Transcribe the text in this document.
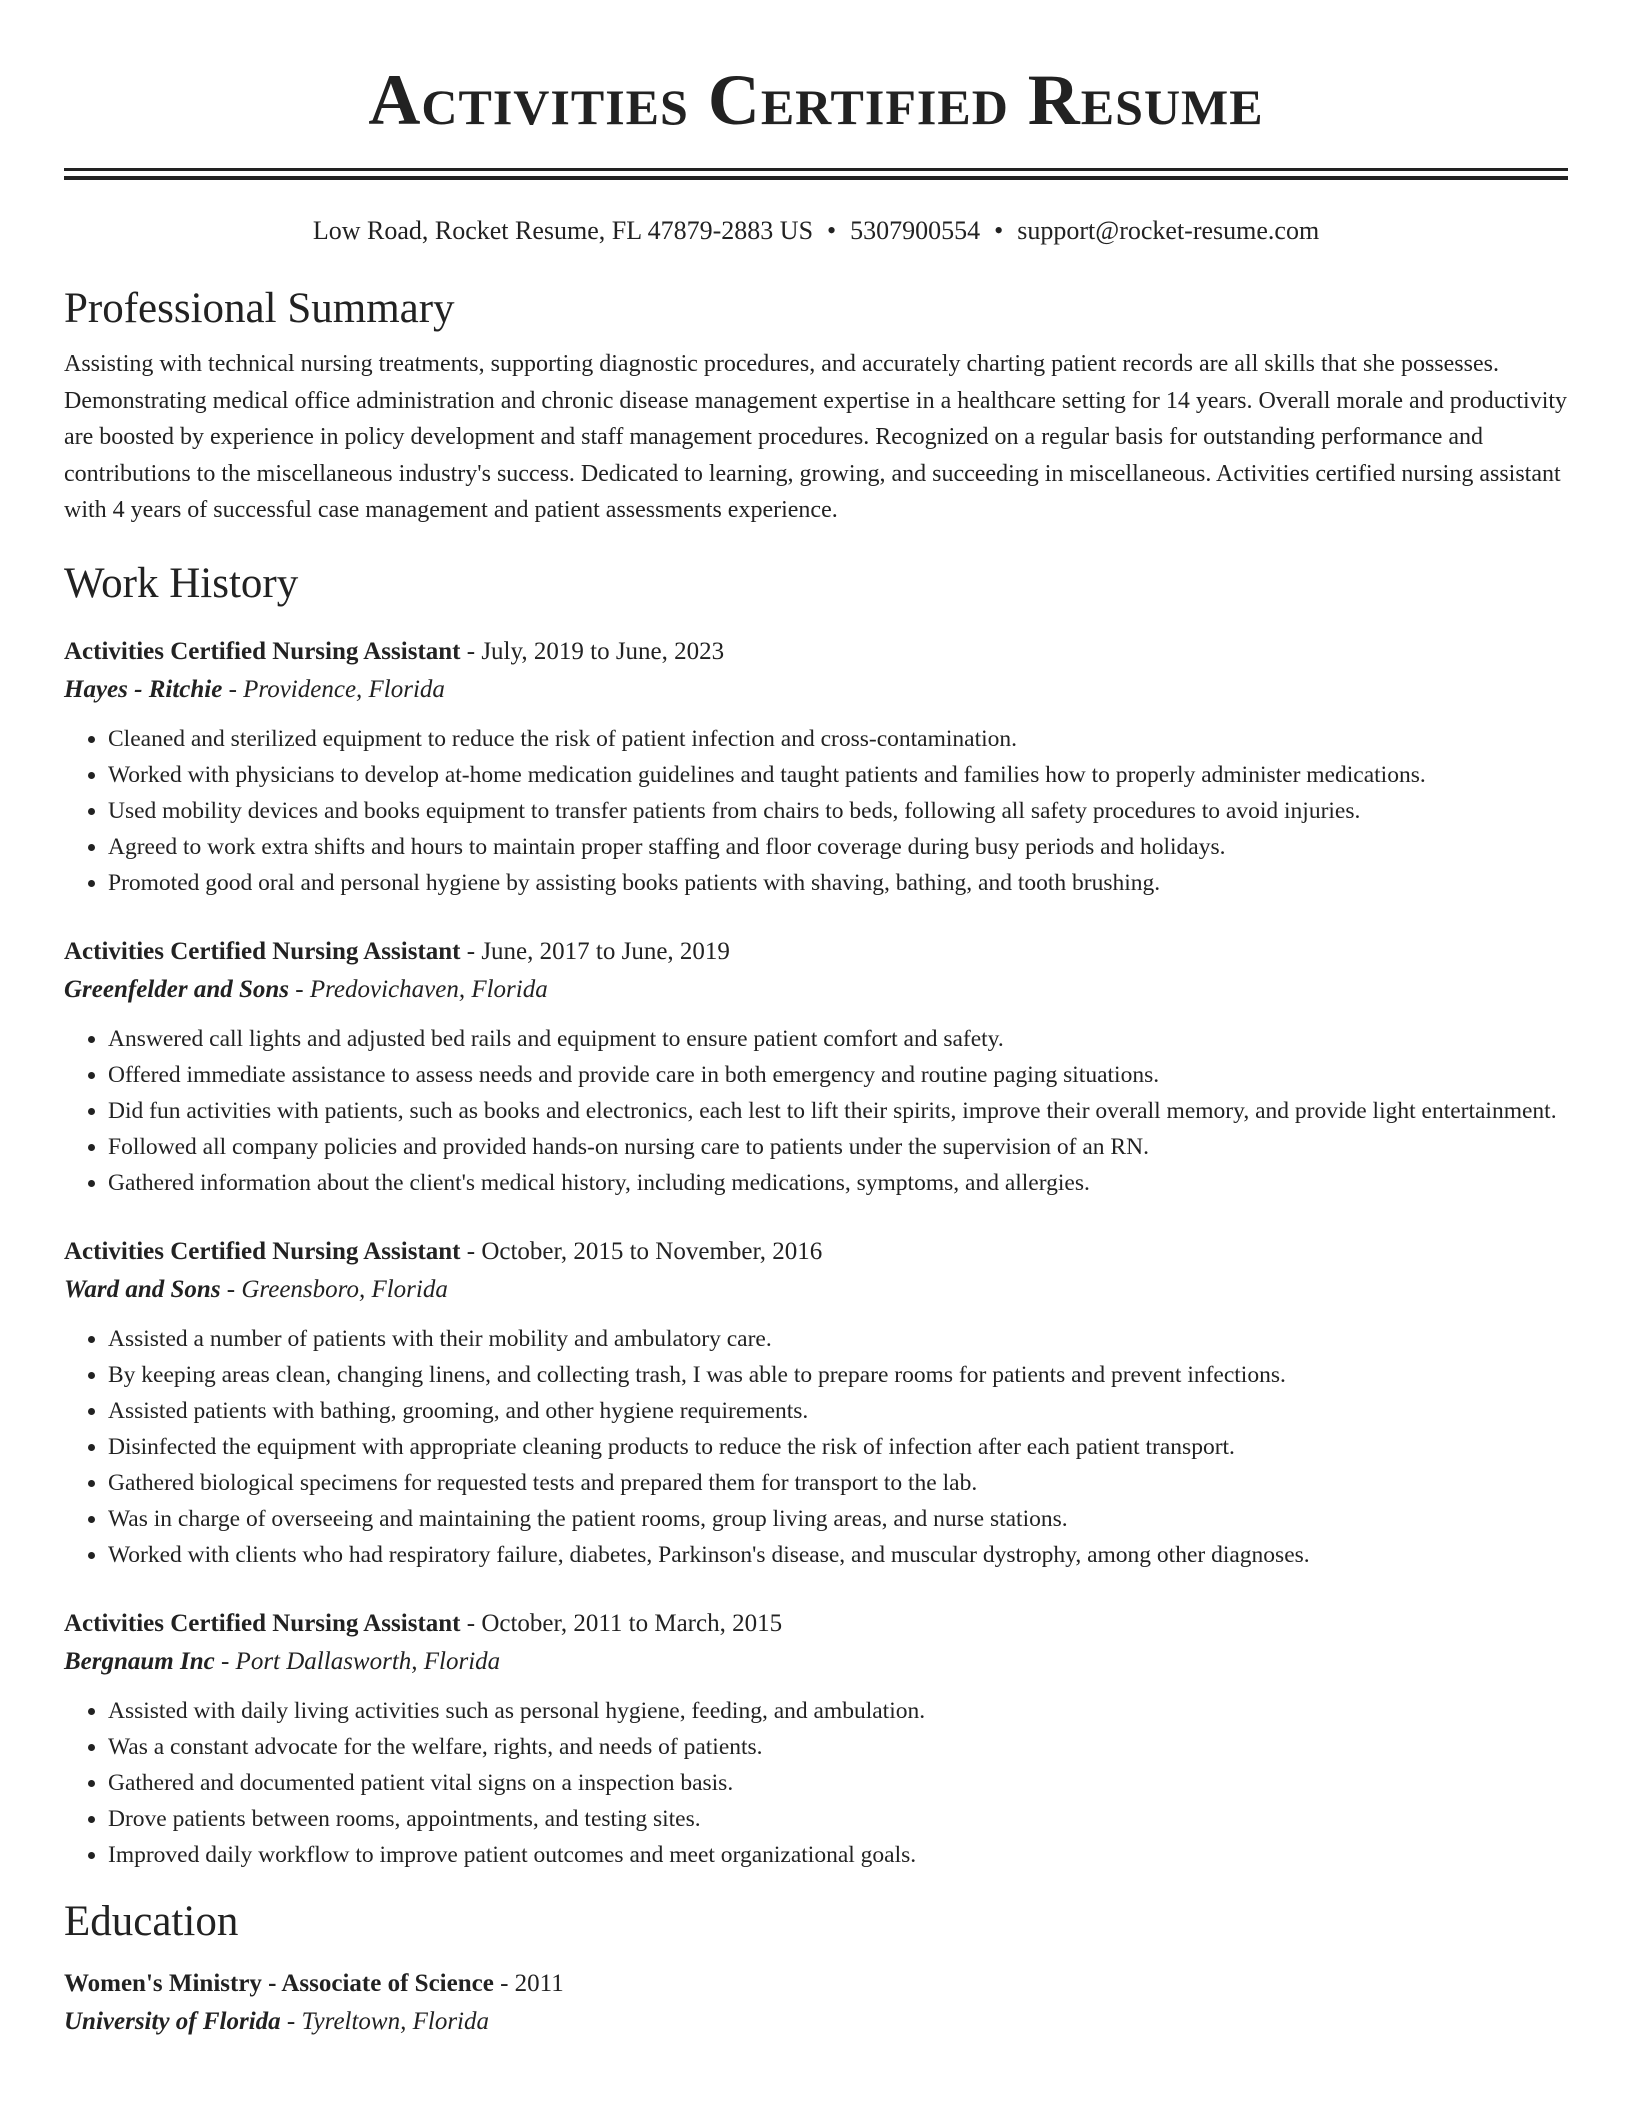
Activities Certified Resume
Low Road, Rocket Resume, FL 47879-2883 US • 5307900554 • support@rocket-resume.com
Professional Summary

Assisting with technical nursing treatments, supporting diagnostic procedures, and accurately charting patient records are all skills that she possesses. Demonstrating medical office administration and chronic disease management expertise in a healthcare setting for 14 years. Overall morale and productivity are boosted by experience in policy development and staff management procedures. Recognized on a regular basis for outstanding performance and contributions to the miscellaneous industry's success. Dedicated to learning, growing, and succeeding in miscellaneous. Activities certified nursing assistant with 4 years of successful case management and patient assessments experience.

Work History
Activities Certified Nursing Assistant - July, 2019 to June, 2023
Hayes - Ritchie - Providence, Florida
• Cleaned and sterilized equipment to reduce the risk of patient infection and cross-contamination.
• Worked with physicians to develop at-home medication guidelines and taught patients and families how to properly administer medications.
• Used mobility devices and books equipment to transfer patients from chairs to beds, following all safety procedures to avoid injuries.
• Agreed to work extra shifts and hours to maintain proper staffing and floor coverage during busy periods and holidays.
• Promoted good oral and personal hygiene by assisting books patients with shaving, bathing, and tooth brushing.
Activities Certified Nursing Assistant - June, 2017 to June, 2019
Greenfelder and Sons - Predovichaven, Florida
• Answered call lights and adjusted bed rails and equipment to ensure patient comfort and safety.
• Offered immediate assistance to assess needs and provide care in both emergency and routine paging situations.
• Did fun activities with patients, such as books and electronics, each lest to lift their spirits, improve their overall memory, and provide light entertainment.
• Followed all company policies and provided hands-on nursing care to patients under the supervision of an RN.
• Gathered information about the client's medical history, including medications, symptoms, and allergies.
Activities Certified Nursing Assistant - October, 2015 to November, 2016
Ward and Sons - Greensboro, Florida
• Assisted a number of patients with their mobility and ambulatory care.
• By keeping areas clean, changing linens, and collecting trash, I was able to prepare rooms for patients and prevent infections.
• Assisted patients with bathing, grooming, and other hygiene requirements.
• Disinfected the equipment with appropriate cleaning products to reduce the risk of infection after each patient transport.
• Gathered biological specimens for requested tests and prepared them for transport to the lab.
• Was in charge of overseeing and maintaining the patient rooms, group living areas, and nurse stations.
• Worked with clients who had respiratory failure, diabetes, Parkinson's disease, and muscular dystrophy, among other diagnoses.
Activities Certified Nursing Assistant - October, 2011 to March, 2015
Bergnaum Inc - Port Dallasworth, Florida
• Assisted with daily living activities such as personal hygiene, feeding, and ambulation.
• Was a constant advocate for the welfare, rights, and needs of patients.
• Gathered and documented patient vital signs on a inspection basis.
• Drove patients between rooms, appointments, and testing sites.
• Improved daily workflow to improve patient outcomes and meet organizational goals.
Education
Women's Ministry - Associate of Science - 2011
University of Florida - Tyreltown, Florida
